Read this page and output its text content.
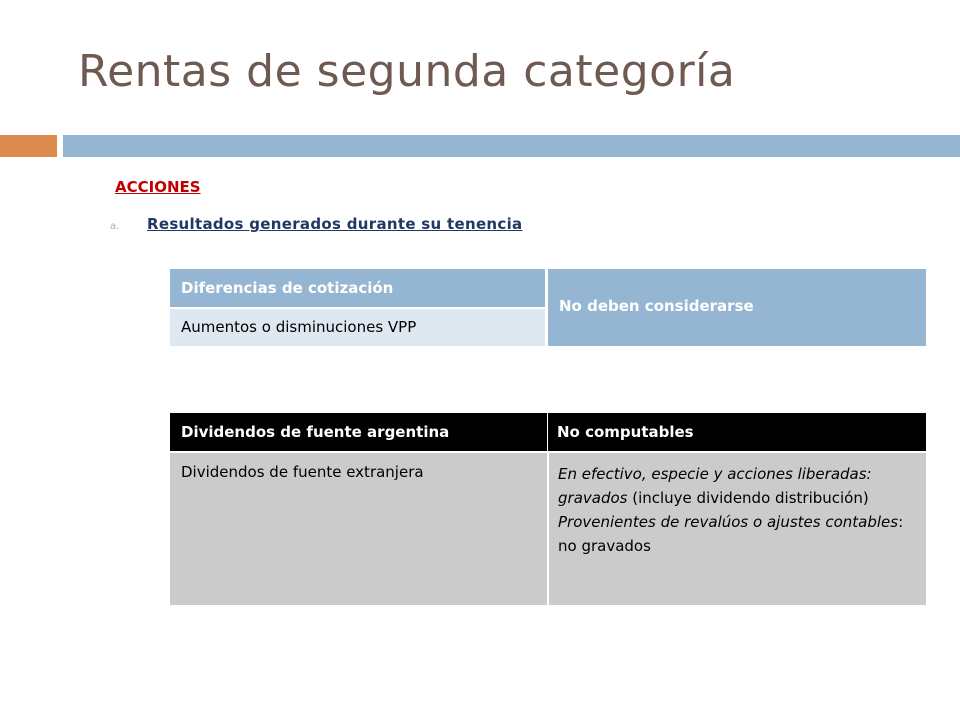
Rentas de segunda categoría
ACCIONES
a. Resultados generados durante su tenencia
Diferencias de cotización
Aumentos o disminuciones VPP
No deben considerarse
Dividendos de fuente argentina	No computables
Dividendos de fuente extranjera	En efectivo, especie y acciones liberadas: gravados (incluye dividendo distribución)

Provenientes de revalúos o ajustes contables: no gravados
